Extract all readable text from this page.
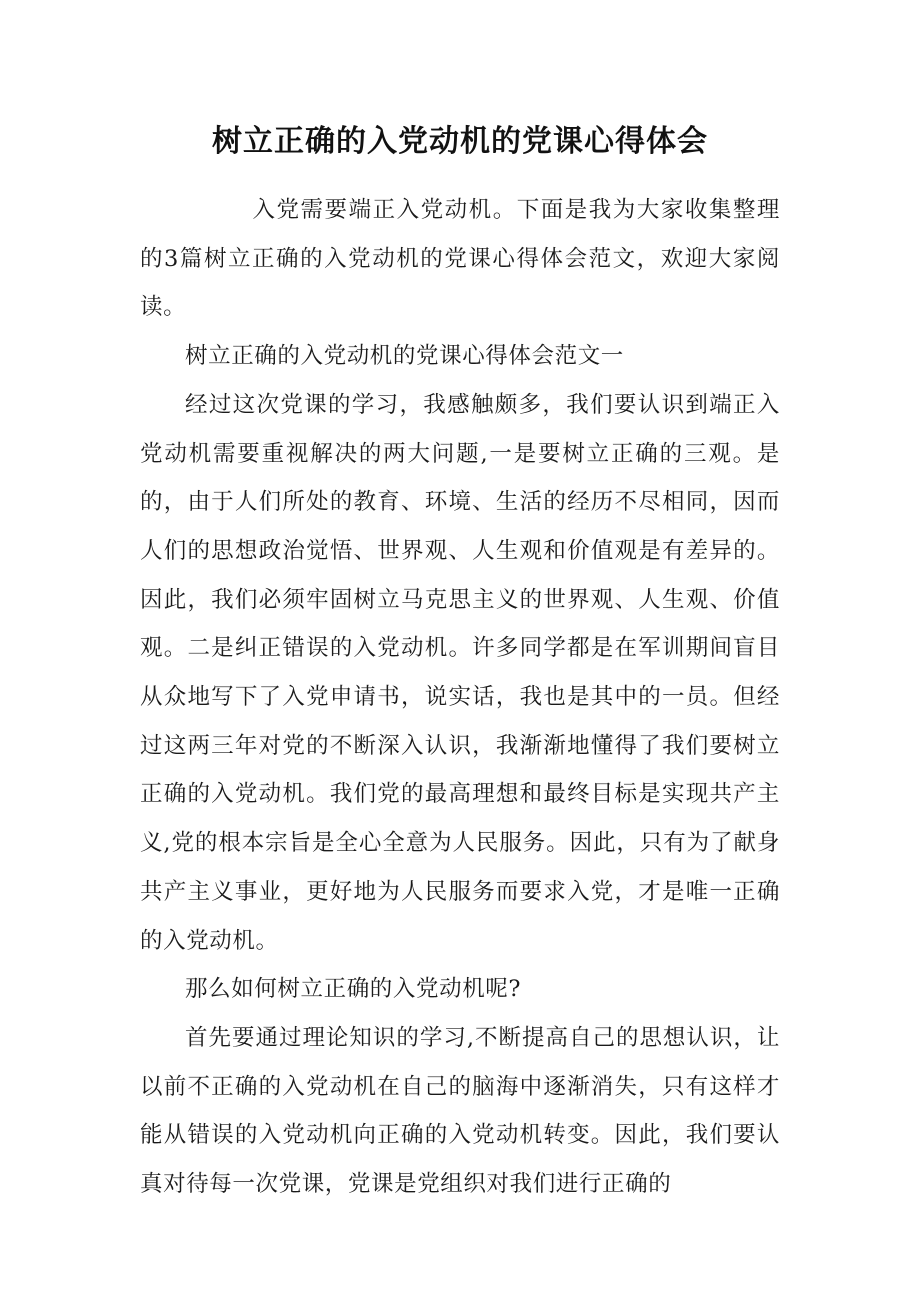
树立正确的入党动机的党课心得体会

入党需要端正入党动机。下面是我为大家收集整理的3篇树立正确的入党动机的党课心得体会范文，欢迎大家阅读。

树立正确的入党动机的党课心得体会范文一

经过这次党课的学习，我感触颇多，我们要认识到端正入党动机需要重视解决的两大问题,一是要树立正确的三观。是的，由于人们所处的教育、环境、生活的经历不尽相同，因而人们的思想政治觉悟、世界观、人生观和价值观是有差异的。因此，我们必须牢固树立马克思主义的世界观、人生观、价值观。二是纠正错误的入党动机。许多同学都是在军训期间盲目从众地写下了入党申请书，说实话，我也是其中的一员。但经过这两三年对党的不断深入认识，我渐渐地懂得了我们要树立正确的入党动机。我们党的最高理想和最终目标是实现共产主义,党的根本宗旨是全心全意为人民服务。因此，只有为了献身共产主义事业，更好地为人民服务而要求入党，才是唯一正确的入党动机。

那么如何树立正确的入党动机呢?

首先要通过理论知识的学习,不断提高自己的思想认识，让以前不正确的入党动机在自己的脑海中逐渐消失，只有这样才能从错误的入党动机向正确的入党动机转变。因此，我们要认真对待每一次党课，党课是党组织对我们进行正确的
